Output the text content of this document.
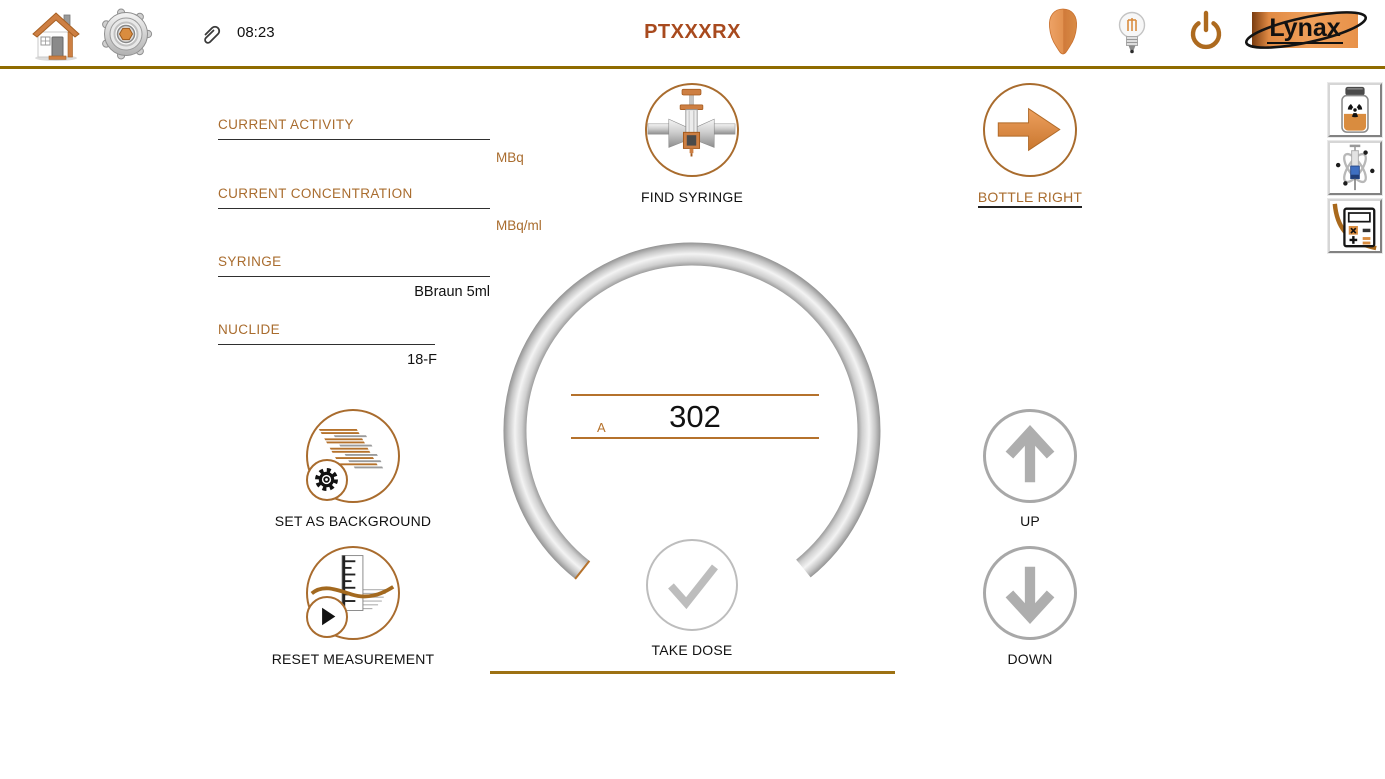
08:23	PTXXXRX	Lynax
CURRENT ACTIVITY
MBq
CURRENT CONCENTRATION
MBq/ml
SYRINGE
BBraun 5ml
NUCLIDE
18-F
FIND SYRINGE	BOTTLE RIGHT
302
A
SET AS BACKGROUND
RESET MEASUREMENT
TAKE DOSE
UP
DOWN
